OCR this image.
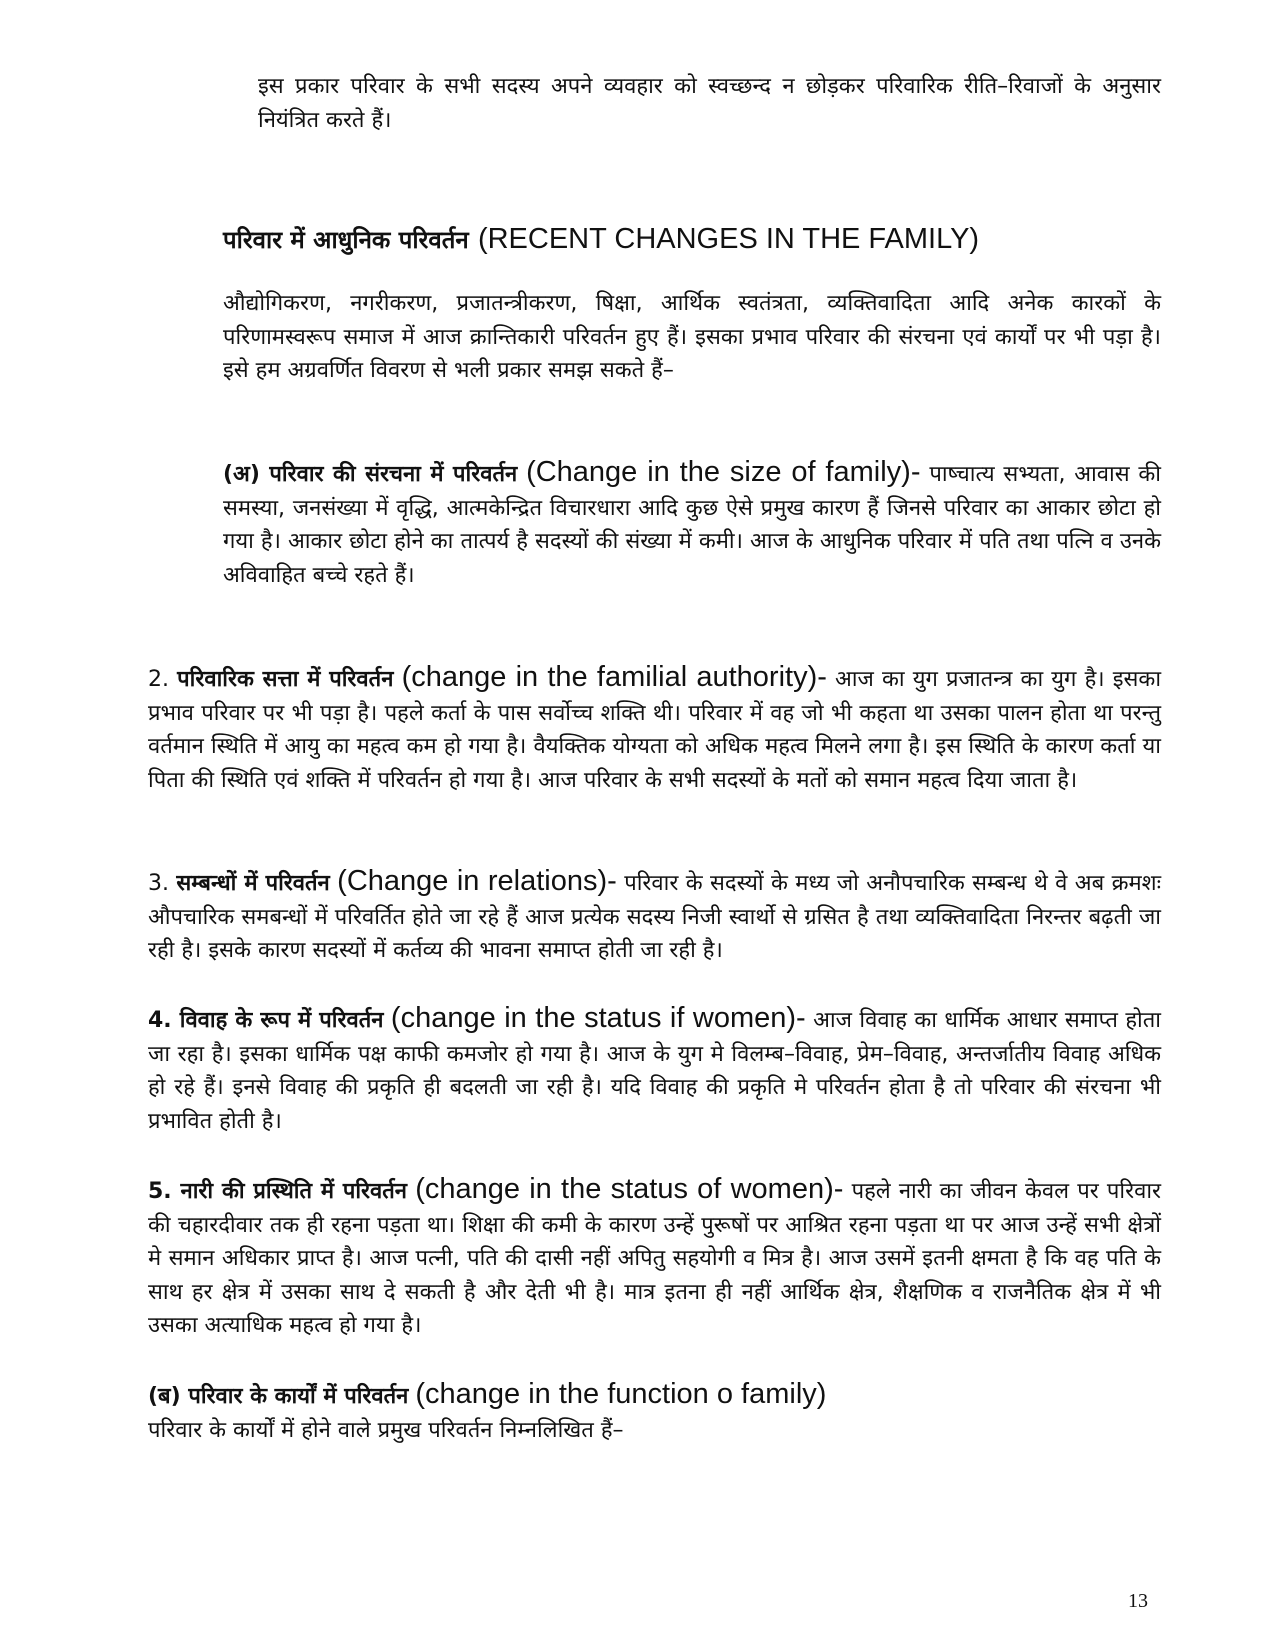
इस प्रकार परिवार के सभी सदस्य अपने व्यवहार को स्वच्छन्द न छोड़कर परिवारिक रीति–रिवाजों के अनुसार नियंत्रित करते हैं।
परिवार में आधुनिक परिवर्तन (RECENT CHANGES IN THE FAMILY)
औद्योगिकरण, नगरीकरण, प्रजातन्त्रीकरण, षिक्षा, आर्थिक स्वतंत्रता, व्यक्तिवादिता आदि अनेक कारकों के परिणामस्वरूप समाज में आज क्रान्तिकारी परिवर्तन हुए हैं। इसका प्रभाव परिवार की संरचना एवं कार्यों पर भी पड़ा है। इसे हम अग्रवर्णित विवरण से भली प्रकार समझ सकते हैं–
(अ) परिवार की संरचना में परिवर्तन (Change in the size of family)- पाष्चात्य सभ्यता, आवास की समस्या, जनसंख्या में वृद्धि, आत्मकेन्द्रित विचारधारा आदि कुछ ऐसे प्रमुख कारण हैं जिनसे परिवार का आकार छोटा हो गया है। आकार छोटा होने का तात्पर्य है सदस्यों की संख्या में कमी। आज के आधुनिक परिवार में पति तथा पत्नि व उनके अविवाहित बच्चे रहते हैं।
2. परिवारिक सत्ता में परिवर्तन (change in the familial authority)- आज का युग प्रजातन्त्र का युग है। इसका प्रभाव परिवार पर भी पड़ा है। पहले कर्ता के पास सर्वोच्च शक्ति थी। परिवार में वह जो भी कहता था उसका पालन होता था परन्तु वर्तमान स्थिति में आयु का महत्व कम हो गया है। वैयक्तिक योग्यता को अधिक महत्व मिलने लगा है। इस स्थिति के कारण कर्ता या पिता की स्थिति एवं शक्ति में परिवर्तन हो गया है। आज परिवार के सभी सदस्यों के मतों को समान महत्व दिया जाता है।
3. सम्बन्धों में परिवर्तन (Change in relations)- परिवार के सदस्यों के मध्य जो अनौपचारिक सम्बन्ध थे वे अब क्रमशः औपचारिक समबन्धों में परिवर्तित होते जा रहे हैं आज प्रत्येक सदस्य निजी स्वार्थो से ग्रसित है तथा व्यक्तिवादिता निरन्तर बढ़ती जा रही है। इसके कारण सदस्यों में कर्तव्य की भावना समाप्त होती जा रही है।
4. विवाह के रूप में परिवर्तन (change in the status if women)- आज विवाह का धार्मिक आधार समाप्त होता जा रहा है। इसका धार्मिक पक्ष काफी कमजोर हो गया है। आज के युग मे विलम्ब–विवाह, प्रेम–विवाह, अन्तर्जातीय विवाह अधिक हो रहे हैं। इनसे विवाह की प्रकृति ही बदलती जा रही है। यदि विवाह की प्रकृति मे परिवर्तन होता है तो परिवार की संरचना भी प्रभावित होती है।
5. नारी की प्रस्थिति में परिवर्तन (change in the status of women)- पहले नारी का जीवन केवल पर परिवार की चहारदीवार तक ही रहना पड़ता था। शिक्षा की कमी के कारण उन्हें पुरूषों पर आश्रित रहना पड़ता था पर आज उन्हें सभी क्षेत्रों मे समान अधिकार प्राप्त है। आज पत्नी, पति की दासी नहीं अपितु सहयोगी व मित्र है। आज उसमें इतनी क्षमता है कि वह पति के साथ हर क्षेत्र में उसका साथ दे सकती है और देती भी है। मात्र इतना ही नहीं आर्थिक क्षेत्र, शैक्षणिक व राजनैतिक क्षेत्र में भी उसका अत्याधिक महत्व हो गया है।
(ब) परिवार के कार्यों में परिवर्तन (change in the function o family)
परिवार के कार्यों में होने वाले प्रमुख परिवर्तन निम्नलिखित हैं–
13
